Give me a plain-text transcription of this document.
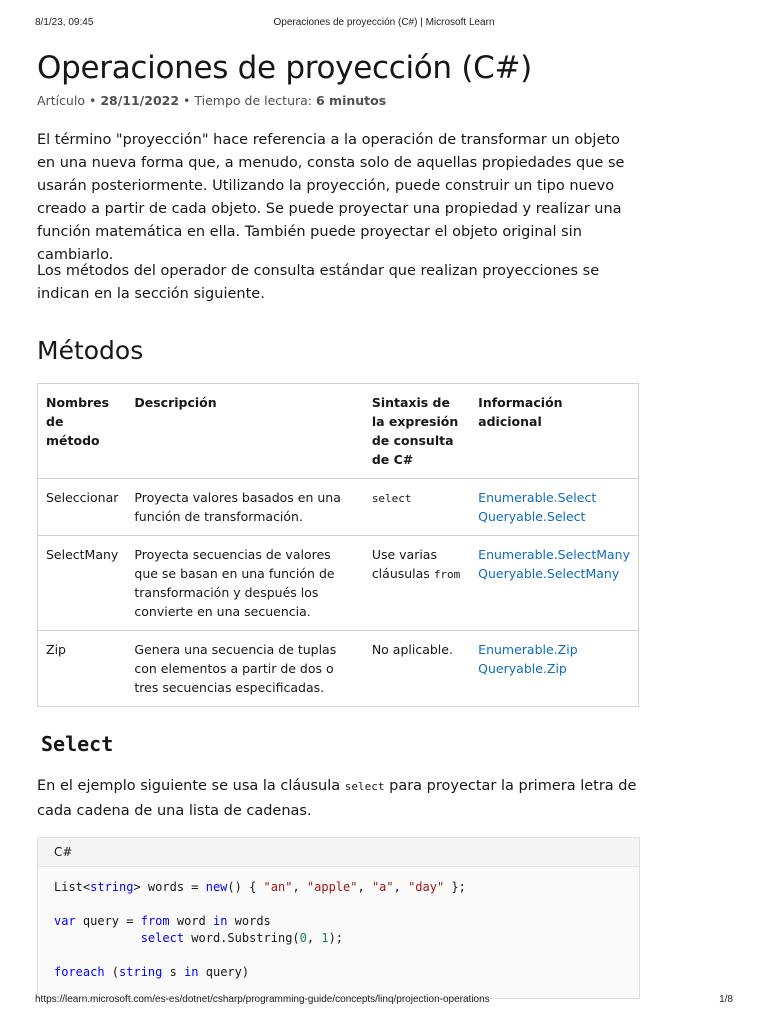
8/1/23, 09:45	Operaciones de proyección (C#) | Microsoft Learn
Operaciones de proyección (C#)
Artículo • 28/11/2022 • Tiempo de lectura: 6 minutos

El término "proyección" hace referencia a la operación de transformar un objeto en una nueva forma que, a menudo, consta solo de aquellas propiedades que se usarán posteriormente. Utilizando la proyección, puede construir un tipo nuevo creado a partir de cada objeto. Se puede proyectar una propiedad y realizar una función matemática en ella. También puede proyectar el objeto original sin cambiarlo.

Los métodos del operador de consulta estándar que realizan proyecciones se indican en la sección siguiente.

Métodos
Nombres de método	Descripción	Sintaxis de la expresión de consulta de C#	Información adicional
Seleccionar	Proyecta valores basados en una función de transformación.	select	Enumerable.Select
Queryable.Select

SelectMany	Proyecta secuencias de valores que se basan en una función de transformación y después los convierte en una secuencia.	Use varias cláusulas from	Enumerable.SelectMany
Queryable.SelectMany

Zip	Genera una secuencia de tuplas con elementos a partir de dos o tres secuencias especificadas.	No aplicable.	Enumerable.Zip
Queryable.Zip
Select

En el ejemplo siguiente se usa la cláusula select para proyectar la primera letra de cada cadena de una lista de cadenas.

C#
List<string> words = new() { "an", "apple", "a", "day" };

var query = from word in words
select word.Substring(0, 1);

foreach (string s in query)
https://learn.microsoft.com/es-es/dotnet/csharp/programming-guide/concepts/linq/projection-operations	1/8
